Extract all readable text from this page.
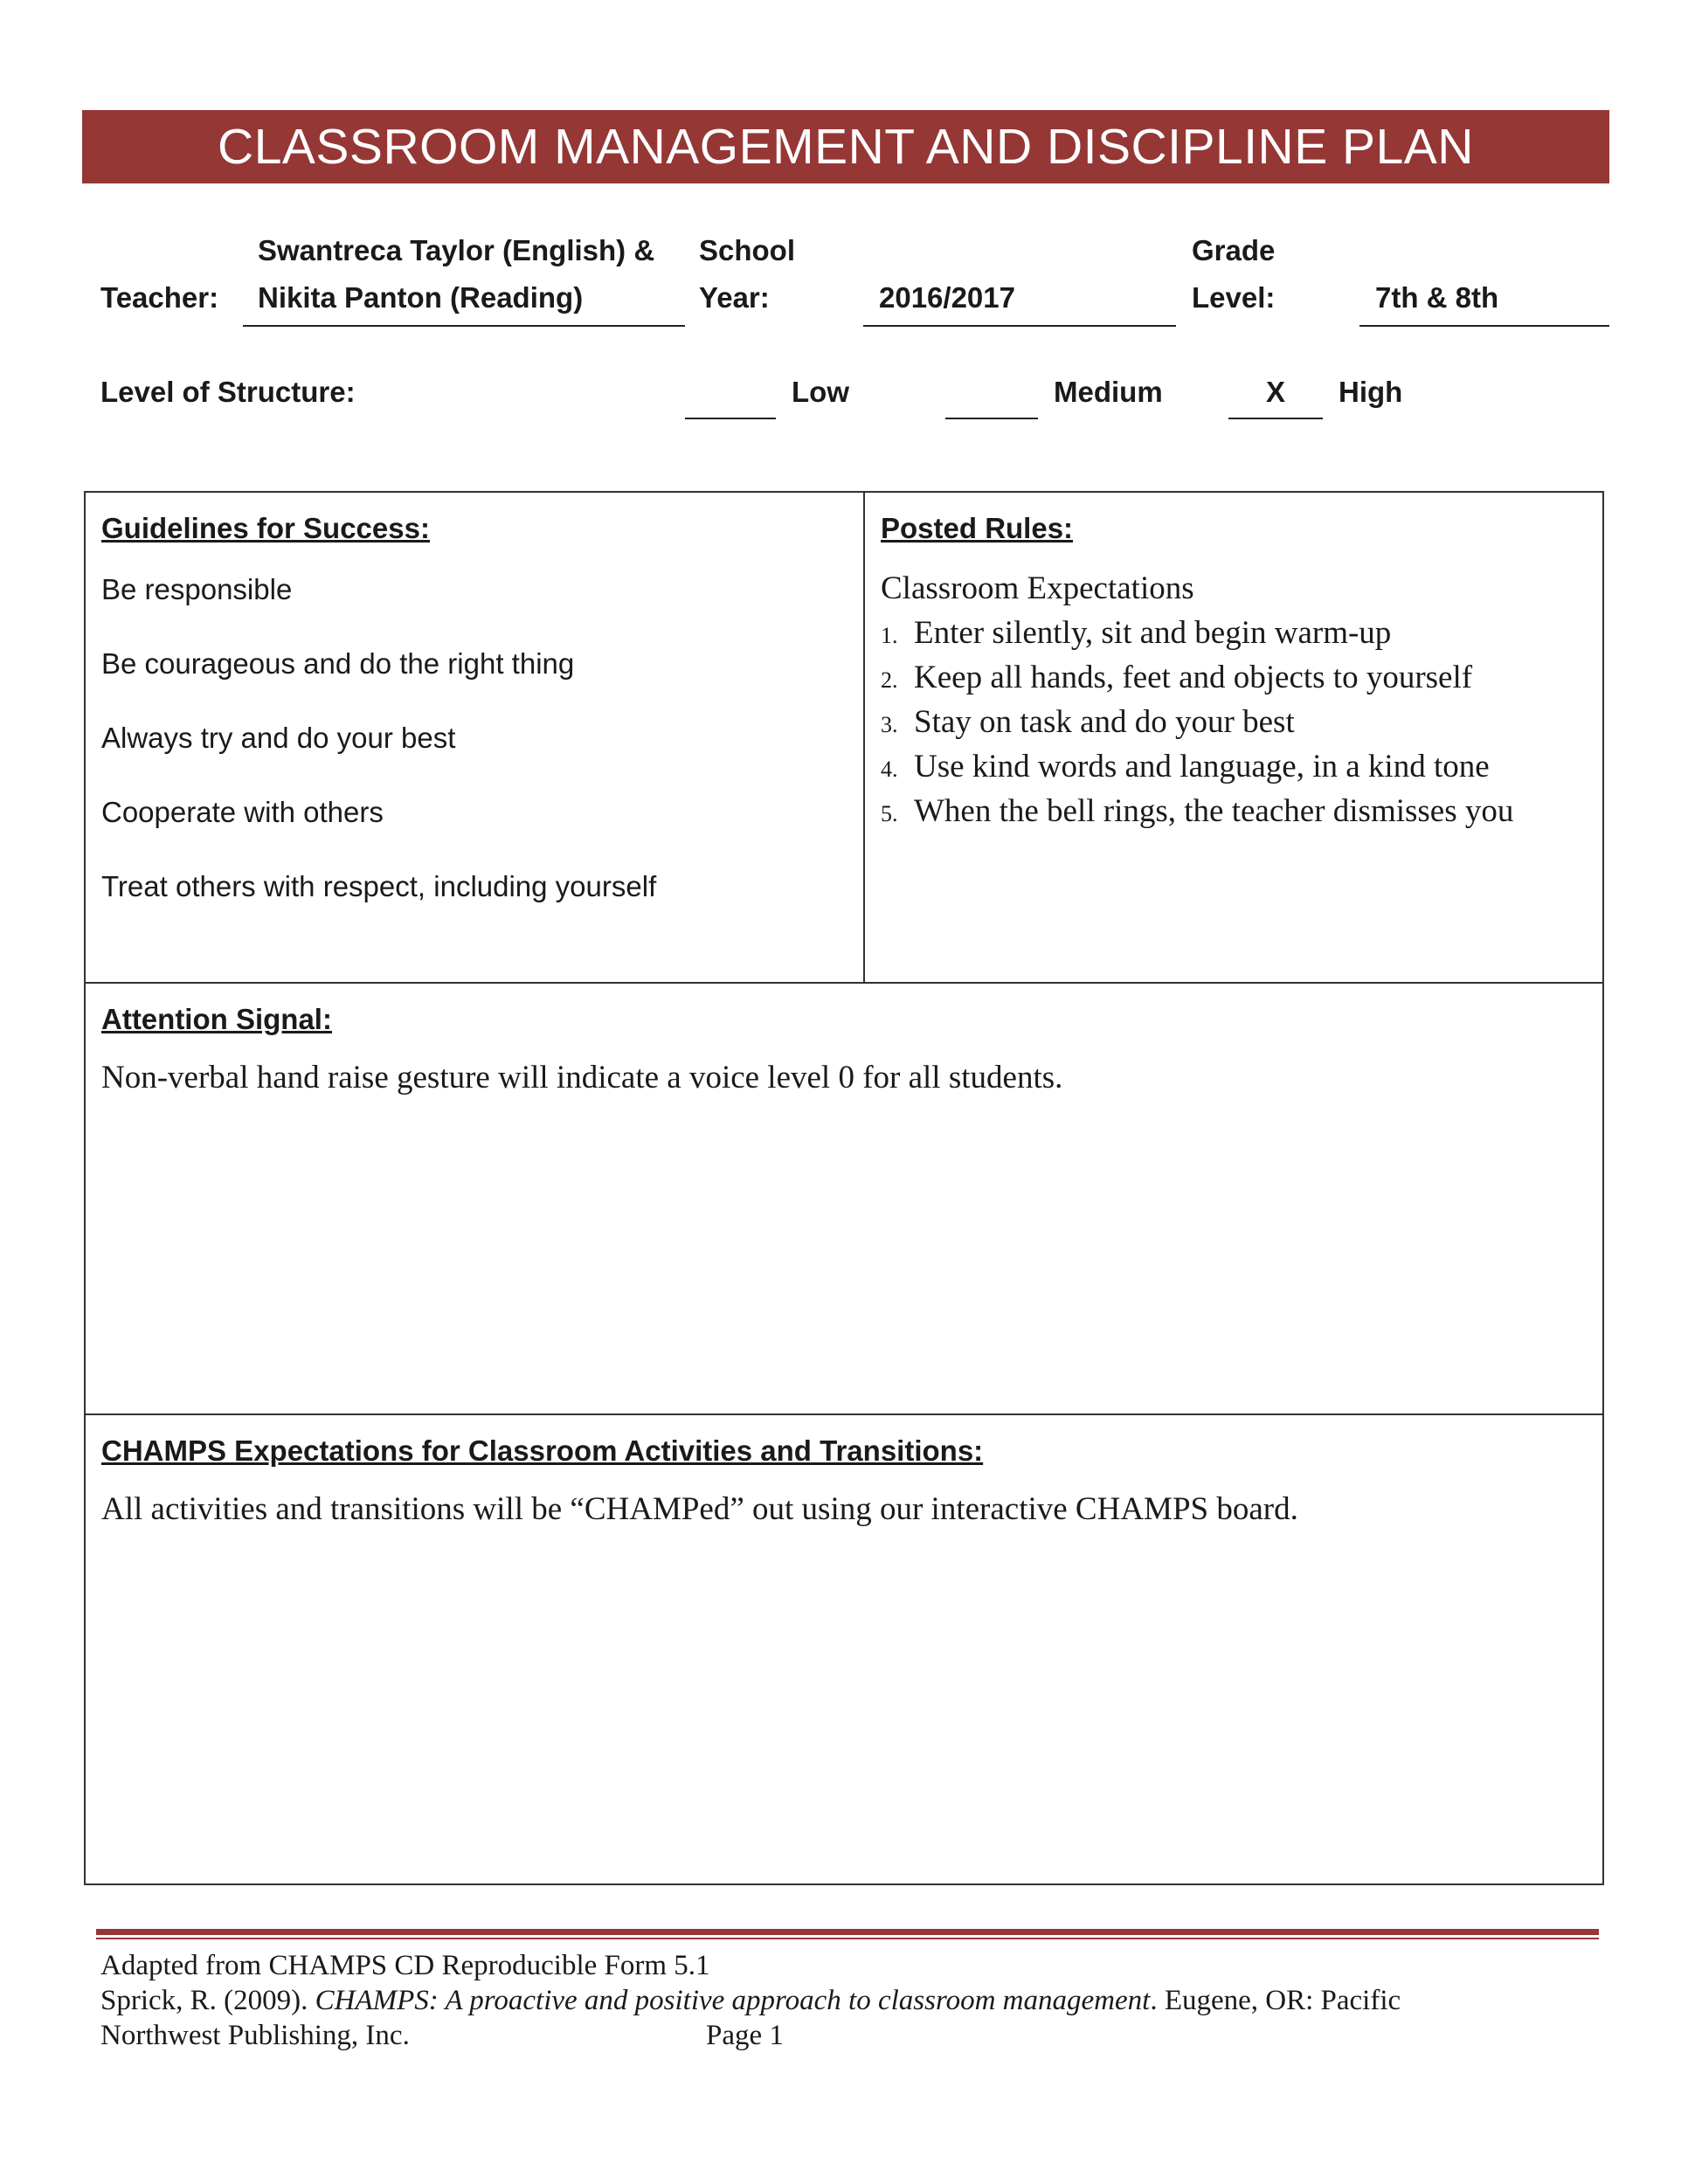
CLASSROOM MANAGEMENT AND DISCIPLINE PLAN
Teacher:
Swantreca Taylor (English) &
Nikita Panton (Reading)
School
Year:	2016/2017
Grade
Level:	7th & 8th
Level of Structure:	Low	Medium	X	High
Guidelines for Success:
Be responsible
Be courageous and do the right thing
Always try and do your best
Cooperate with others
Treat others with respect, including yourself
Posted Rules:
Classroom Expectations
1. Enter silently, sit and begin warm-up
2. Keep all hands, feet and objects to yourself
3. Stay on task and do your best
4. Use kind words and language, in a kind tone
5. When the bell rings, the teacher dismisses you
Attention Signal:
Non-verbal hand raise gesture will indicate a voice level 0 for all students.
CHAMPS Expectations for Classroom Activities and Transitions:
All activities and transitions will be “CHAMPed” out using our interactive CHAMPS board.
Adapted from CHAMPS CD Reproducible Form 5.1
Sprick, R. (2009). CHAMPS: A proactive and positive approach to classroom management. Eugene, OR: Pacific
Northwest Publishing, Inc.	Page 1
